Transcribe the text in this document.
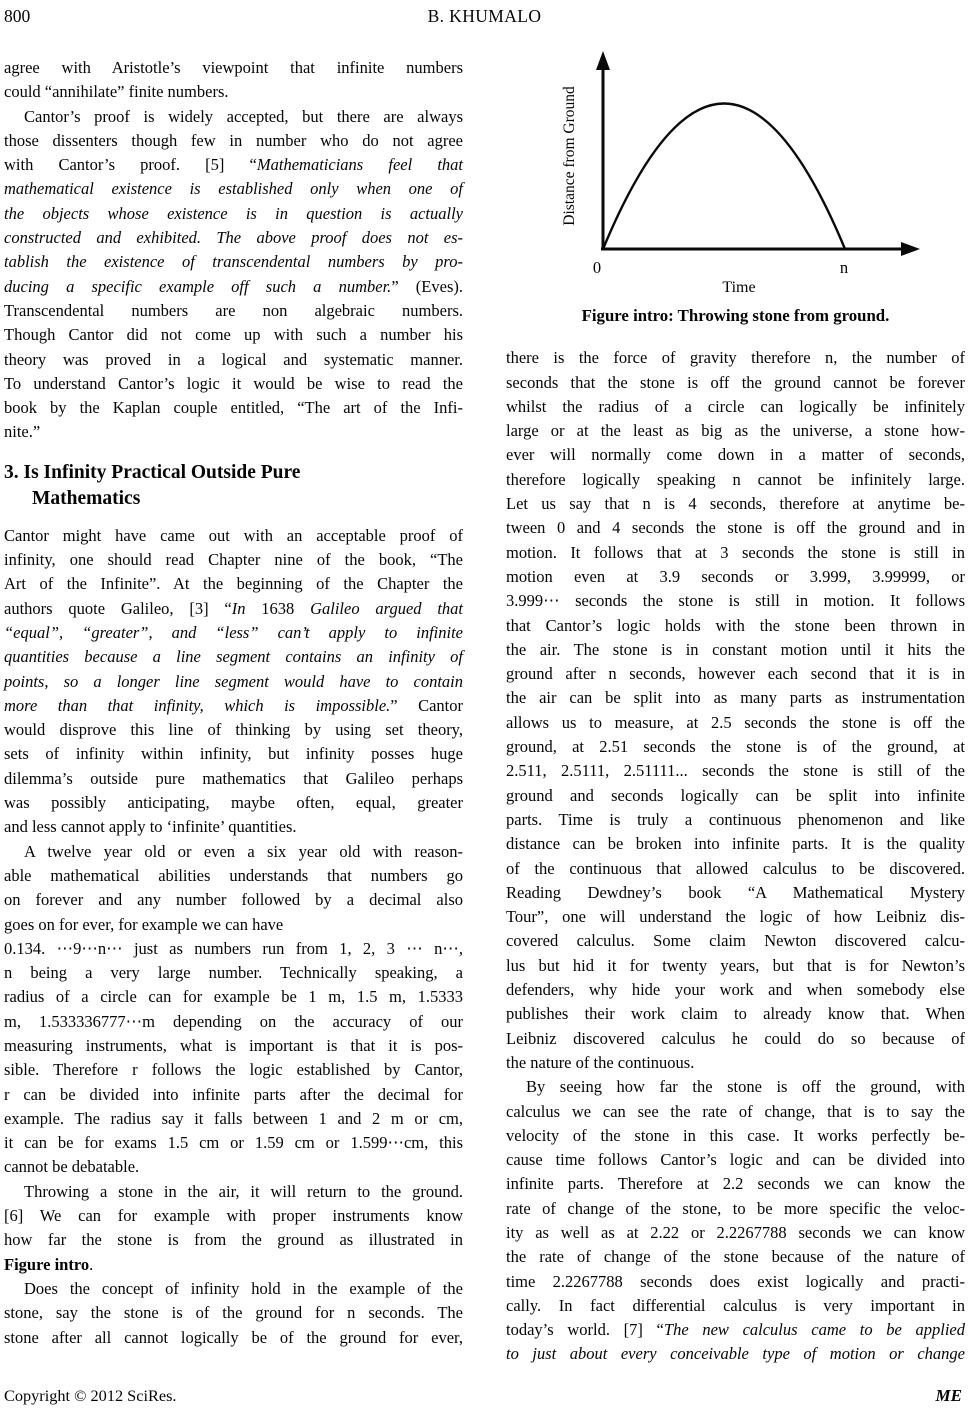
800	B. KHUMALO
agree with Aristotle’s viewpoint that infinite numbers
could “annihilate” finite numbers.
Cantor’s proof is widely accepted, but there are always
those dissenters though few in number who do not agree
with Cantor’s proof. [5] “Mathematicians feel that
mathematical existence is established only when one of
the objects whose existence is in question is actually
constructed and exhibited. The above proof does not es-
tablish the existence of transcendental numbers by pro-
ducing a specific example off such a number.” (Eves).
Transcendental numbers are non algebraic numbers.
Though Cantor did not come up with such a number his
theory was proved in a logical and systematic manner.
To understand Cantor’s logic it would be wise to read the
book by the Kaplan couple entitled, “The art of the Infi-
nite.”
3. Is Infinity Practical Outside Pure
Mathematics
Cantor might have came out with an acceptable proof of
infinity, one should read Chapter nine of the book, “The
Art of the Infinite”. At the beginning of the Chapter the
authors quote Galileo, [3] “In 1638 Galileo argued that
“equal”, “greater”, and “less” can’t apply to infinite
quantities because a line segment contains an infinity of
points, so a longer line segment would have to contain
more than that infinity, which is impossible.” Cantor
would disprove this line of thinking by using set theory,
sets of infinity within infinity, but infinity posses huge
dilemma’s outside pure mathematics that Galileo perhaps
was possibly anticipating, maybe often, equal, greater
and less cannot apply to ‘infinite’ quantities.
A twelve year old or even a six year old with reason-
able mathematical abilities understands that numbers go
on forever and any number followed by a decimal also
goes on for ever, for example we can have
0.134. ⋯9⋯n⋯ just as numbers run from 1, 2, 3 ⋯ n⋯,
n being a very large number. Technically speaking, a
radius of a circle can for example be 1 m, 1.5 m, 1.5333
m, 1.533336777⋯m depending on the accuracy of our
measuring instruments, what is important is that it is pos-
sible. Therefore r follows the logic established by Cantor,
r can be divided into infinite parts after the decimal for
example. The radius say it falls between 1 and 2 m or cm,
it can be for exams 1.5 cm or 1.59 cm or 1.599⋯cm, this
cannot be debatable.
Throwing a stone in the air, it will return to the ground.
[6] We can for example with proper instruments know
how far the stone is from the ground as illustrated in
Figure intro.
Does the concept of infinity hold in the example of the
stone, say the stone is of the ground for n seconds. The
stone after all cannot logically be of the ground for ever,
0	n
Time
Distance from Ground
Figure intro: Throwing stone from ground.
there is the force of gravity therefore n, the number of
seconds that the stone is off the ground cannot be forever
whilst the radius of a circle can logically be infinitely
large or at the least as big as the universe, a stone how-
ever will normally come down in a matter of seconds,
therefore logically speaking n cannot be infinitely large.
Let us say that n is 4 seconds, therefore at anytime be-
tween 0 and 4 seconds the stone is off the ground and in
motion. It follows that at 3 seconds the stone is still in
motion even at 3.9 seconds or 3.999, 3.99999, or
3.999⋯ seconds the stone is still in motion. It follows
that Cantor’s logic holds with the stone been thrown in
the air. The stone is in constant motion until it hits the
ground after n seconds, however each second that it is in
the air can be split into as many parts as instrumentation
allows us to measure, at 2.5 seconds the stone is off the
ground, at 2.51 seconds the stone is of the ground, at
2.511, 2.5111, 2.51111... seconds the stone is still of the
ground and seconds logically can be split into infinite
parts. Time is truly a continuous phenomenon and like
distance can be broken into infinite parts. It is the quality
of the continuous that allowed calculus to be discovered.
Reading Dewdney’s book “A Mathematical Mystery
Tour”, one will understand the logic of how Leibniz dis-
covered calculus. Some claim Newton discovered calcu-
lus but hid it for twenty years, but that is for Newton’s
defenders, why hide your work and when somebody else
publishes their work claim to already know that. When
Leibniz discovered calculus he could do so because of
the nature of the continuous.
By seeing how far the stone is off the ground, with
calculus we can see the rate of change, that is to say the
velocity of the stone in this case. It works perfectly be-
cause time follows Cantor’s logic and can be divided into
infinite parts. Therefore at 2.2 seconds we can know the
rate of change of the stone, to be more specific the veloc-
ity as well as at 2.22 or 2.2267788 seconds we can know
the rate of change of the stone because of the nature of
time 2.2267788 seconds does exist logically and practi-
cally. In fact differential calculus is very important in
today’s world. [7] “The new calculus came to be applied
to just about every conceivable type of motion or change
Copyright © 2012 SciRes.	ME
